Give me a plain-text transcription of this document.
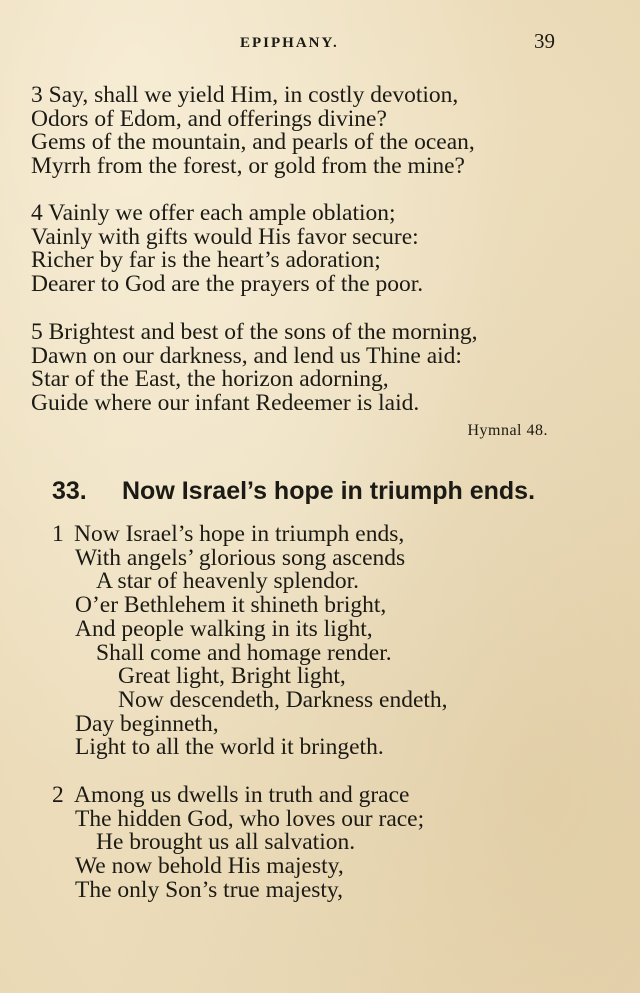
EPIPHANY.	39
3 Say, shall we yield Him, in costly devotion,
Odors of Edom, and offerings divine?
Gems of the mountain, and pearls of the ocean,
Myrrh from the forest, or gold from the mine?
4 Vainly we offer each ample oblation;
Vainly with gifts would His favor secure:
Richer by far is the heart’s adoration;
Dearer to God are the prayers of the poor.
5 Brightest and best of the sons of the morning,
Dawn on our darkness, and lend us Thine aid:
Star of the East, the horizon adorning,
Guide where our infant Redeemer is laid.
Hymnal 48.
33. Now Israel’s hope in triumph ends.
1 Now Israel’s hope in triumph ends,
With angels’ glorious song ascends
A star of heavenly splendor.
O’er Bethlehem it shineth bright,
And people walking in its light,
Shall come and homage render.
Great light, Bright light,
Now descendeth, Darkness endeth,
Day beginneth,
Light to all the world it bringeth.
2 Among us dwells in truth and grace
The hidden God, who loves our race;
He brought us all salvation.
We now behold His majesty,
The only Son’s true majesty,
